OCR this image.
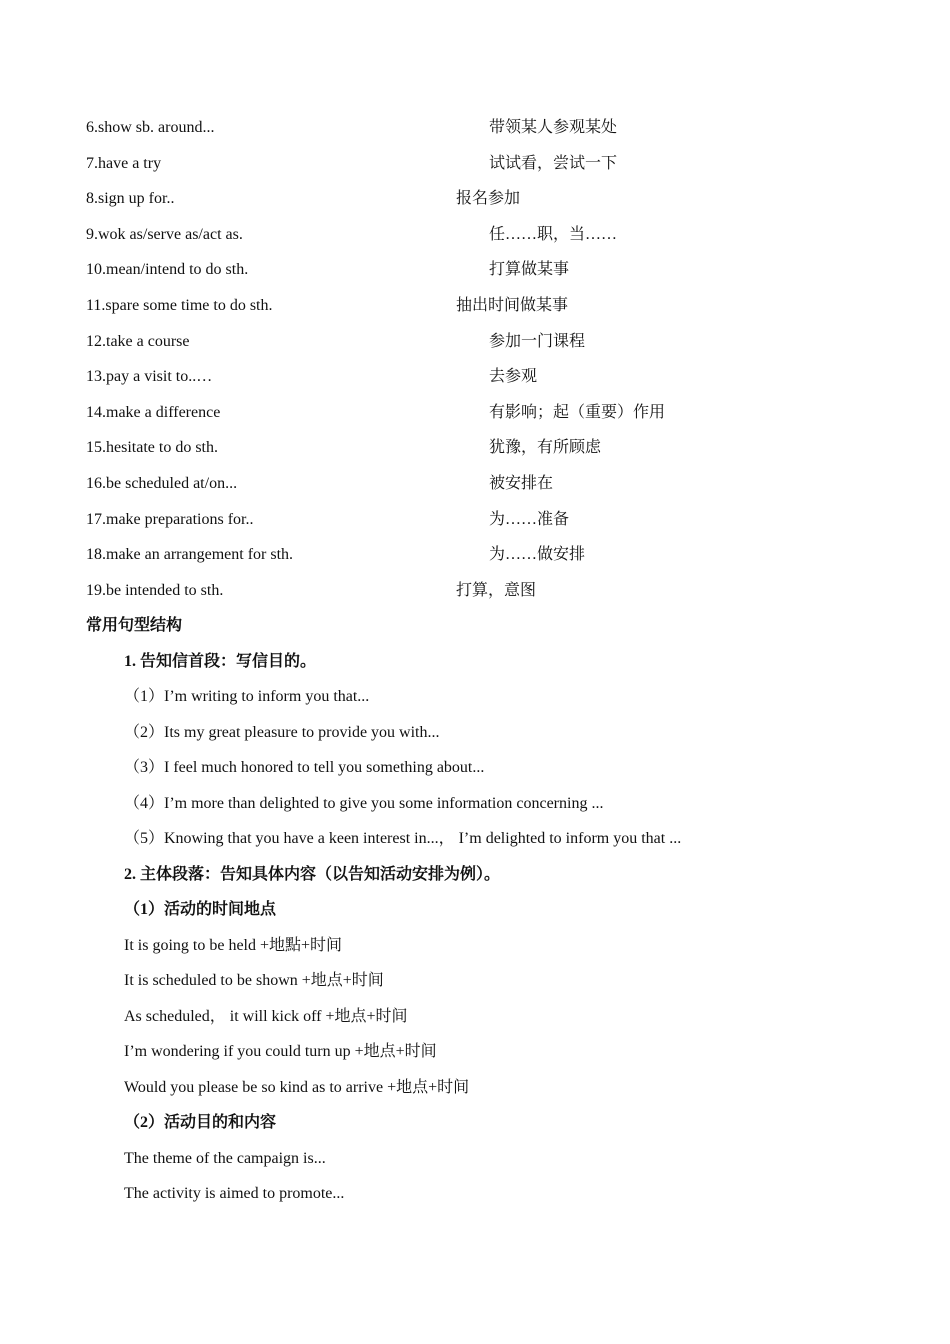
6.show sb. around...	带领某人参观某处
7.have a try	试试看，尝试一下
8.sign up for..	报名参加
9.wok as/serve as/act as.	任……职，当……
10.mean/intend to do sth.	打算做某事
11.spare some time to do sth.	抽出时间做某事
12.take a course	参加一门课程
13.pay a visit to..…	去参观
14.make a difference	有影响；起（重要）作用
15.hesitate to do sth.	犹豫，有所顾虑
16.be scheduled at/on...	被安排在
17.make preparations for..	为……准备
18.make an arrangement for sth.	为……做安排
19.be intended to sth.	打算，意图
常用句型结构
1. 告知信首段：写信目的。
（1）I’m writing to inform you that...
（2）Its my great pleasure to provide you with...
（3）I feel much honored to tell you something about...
（4）I’m more than delighted to give you some information concerning ...
（5）Knowing that you have a keen interest in...， I’m delighted to inform you that ...
2. 主体段落：告知具体内容（以告知活动安排为例）。
（1）活动的时间地点
It is going to be held +地點+时间
It is scheduled to be shown +地点+时间
As scheduled， it will kick off +地点+时间
I’m wondering if you could turn up +地点+时间
Would you please be so kind as to arrive +地点+时间
（2）活动目的和内容
The theme of the campaign is...
The activity is aimed to promote...
